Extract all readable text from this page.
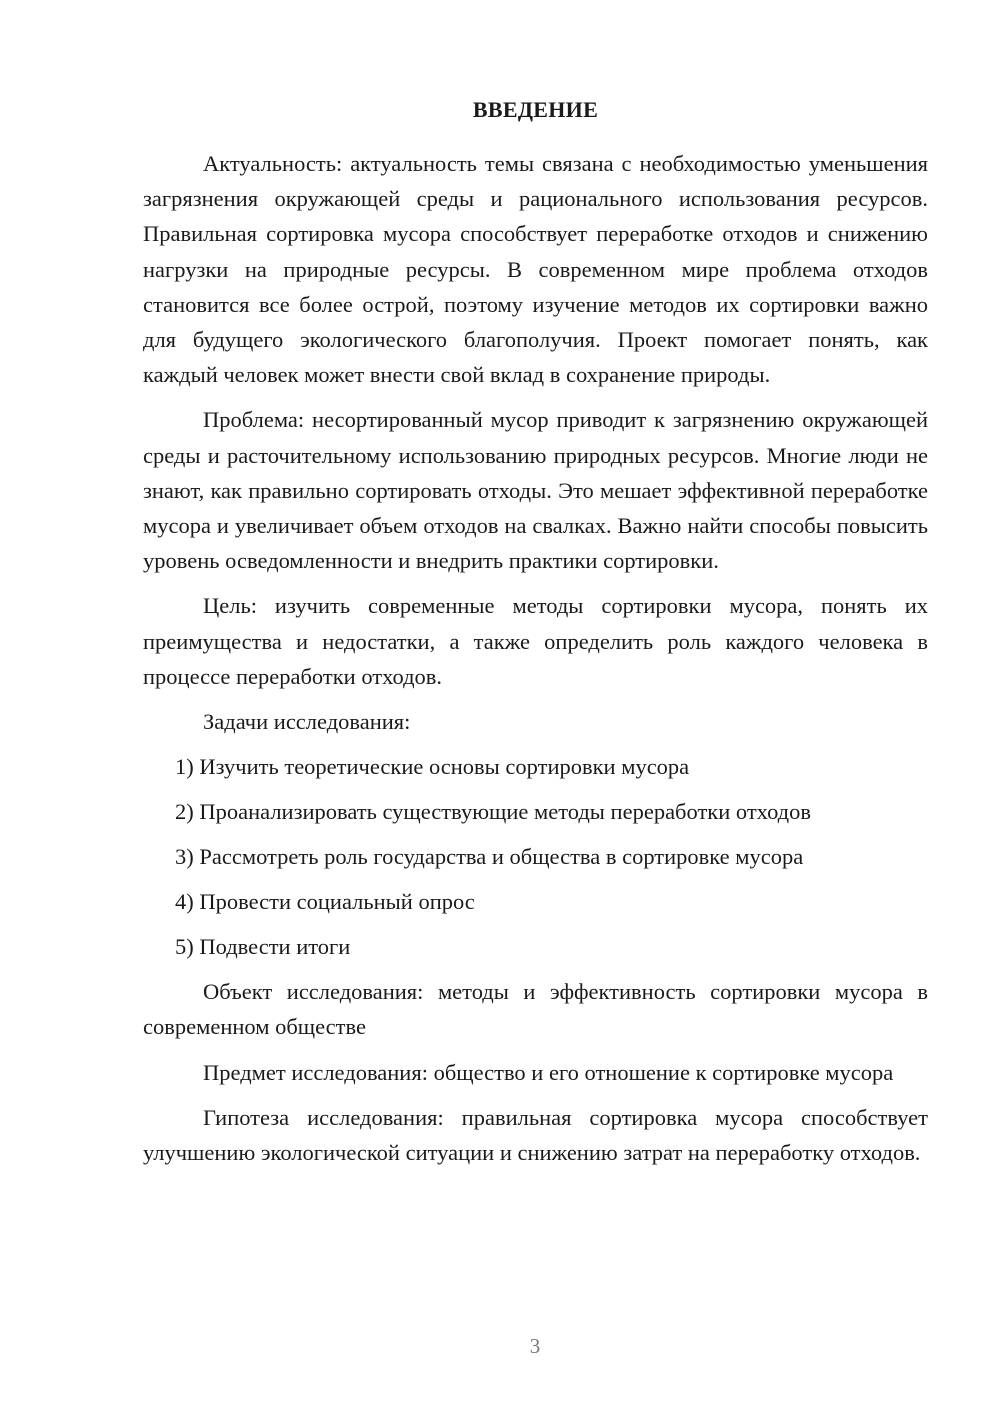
ВВЕДЕНИЕ

Актуальность: актуальность темы связана с необходимостью уменьшения загрязнения окружающей среды и рационального использования ресурсов. Правильная сортировка мусора способствует переработке отходов и снижению нагрузки на природные ресурсы. В современном мире проблема отходов становится все более острой, поэтому изучение методов их сортировки важно для будущего экологического благополучия. Проект помогает понять, как каждый человек может внести свой вклад в сохранение природы.

Проблема: несортированный мусор приводит к загрязнению окружающей среды и расточительному использованию природных ресурсов. Многие люди не знают, как правильно сортировать отходы. Это мешает эффективной переработке мусора и увеличивает объем отходов на свалках. Важно найти способы повысить уровень осведомленности и внедрить практики сортировки.

Цель: изучить современные методы сортировки мусора, понять их преимущества и недостатки, а также определить роль каждого человека в процессе переработки отходов.

Задачи исследования:

1) Изучить теоретические основы сортировки мусора
2) Проанализировать существующие методы переработки отходов
3) Рассмотреть роль государства и общества в сортировке мусора
4) Провести социальный опрос
5) Подвести итоги

Объект исследования: методы и эффективность сортировки мусора в современном обществе

Предмет исследования: общество и его отношение к сортировке мусора

Гипотеза исследования: правильная сортировка мусора способствует улучшению экологической ситуации и снижению затрат на переработку отходов.

3
